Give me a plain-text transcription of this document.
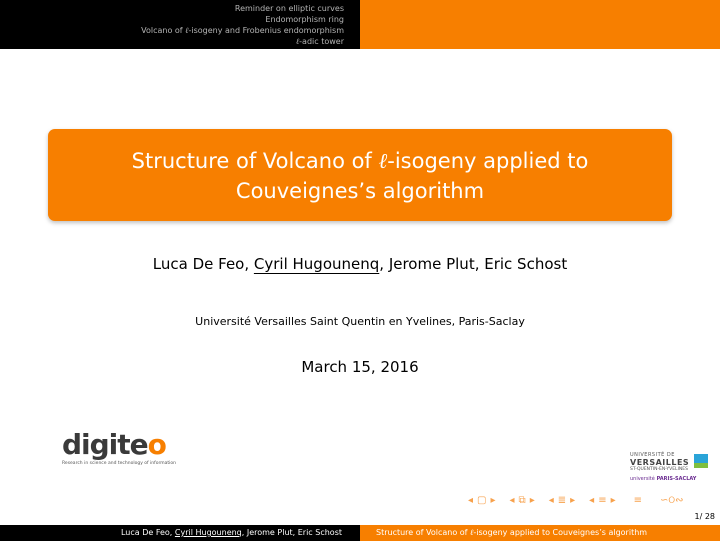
Reminder on elliptic curves
Endomorphism ring
Volcano of ℓ-isogeny and Frobenius endomorphism
ℓ-adic tower
Structure of Volcano of ℓ-isogeny applied to
Couveignes’s algorithm
Luca De Feo, Cyril Hugounenq, Jerome Plut, Eric Schost
Université Versailles Saint Quentin en Yvelines, Paris-Saclay
March 15, 2016
digiteo
Research in science and technology of information
UNIVERSITÉ DE
VERSAILLES
ST-QUENTIN-EN-YVELINES
université PARIS-SACLAY
◂ ▢ ▸ ◂ ⧉ ▸ ◂ ≣ ▸ ◂ ≡ ▸ ≡ ∽ଠ∾
1/ 28
Luca De Feo, Cyril Hugounenq, Jerome Plut, Eric Schost	Structure of Volcano of ℓ-isogeny applied to Couveignes’s algorithm
